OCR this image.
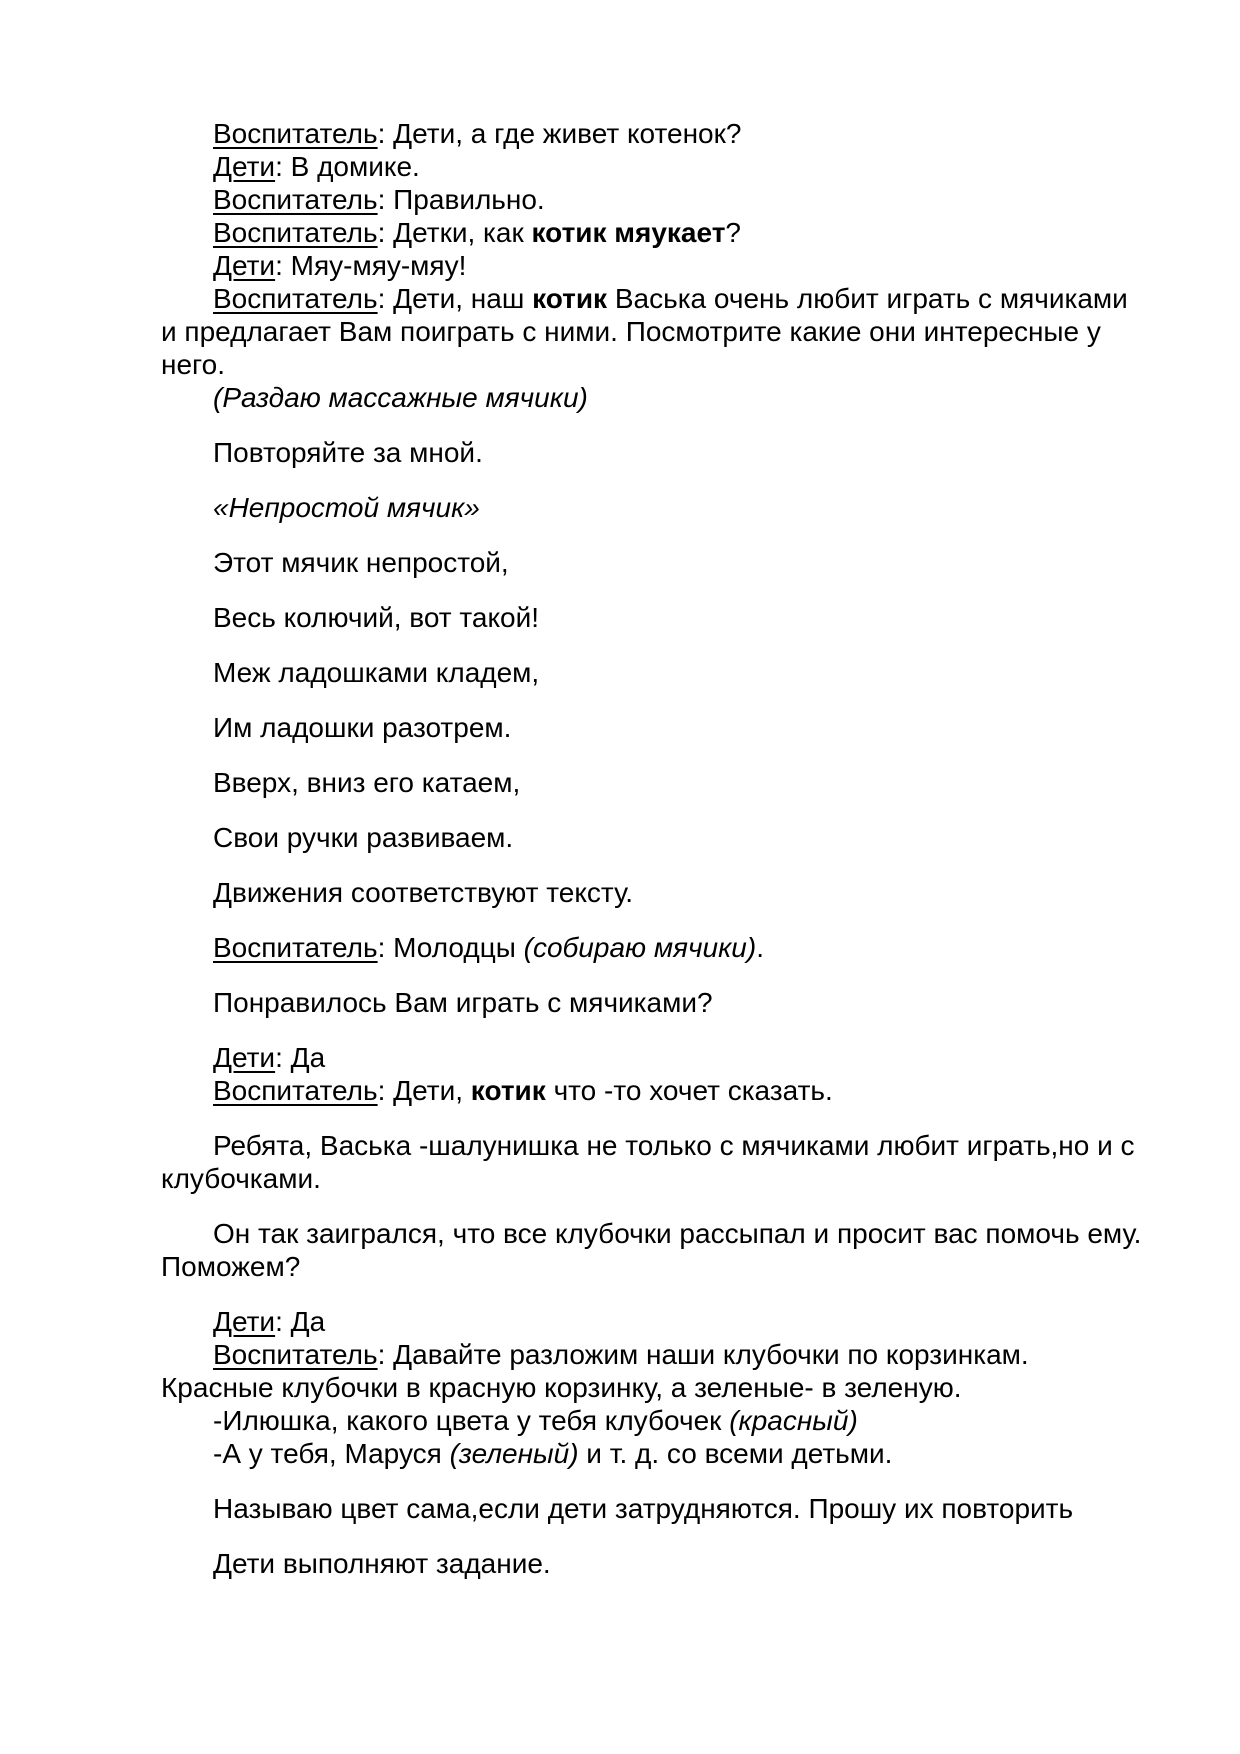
Воспитатель: Дети, а где живет котенок?

Дети: В домике.

Воспитатель: Правильно.

Воспитатель: Детки, как котик мяукает?

Дети: Мяу-мяу-мяу!

Воспитатель: Дети, наш котик Васька очень любит играть с мячиками

и предлагает Вам поиграть с ними. Посмотрите какие они интересные у

него.

(Раздаю массажные мячики)

Повторяйте за мной.

«Непростой мячик»

Этот мячик непростой,

Весь колючий, вот такой!

Меж ладошками кладем,

Им ладошки разотрем.

Вверх, вниз его катаем,

Свои ручки развиваем.

Движения соответствуют тексту.

Воспитатель: Молодцы (собираю мячики).

Понравилось Вам играть с мячиками?

Дети: Да

Воспитатель: Дети, котик что -то хочет сказать.

Ребята, Васька -шалунишка не только с мячиками любит играть,но и с

клубочками.

Он так заигрался, что все клубочки рассыпал и просит вас помочь ему.

Поможем?

Дети: Да

Воспитатель: Давайте разложим наши клубочки по корзинкам.

Красные клубочки в красную корзинку, а зеленые- в зеленую.

-Илюшка, какого цвета у тебя клубочек (красный)

-А у тебя, Маруся (зеленый) и т. д. со всеми детьми.

Называю цвет сама,если дети затрудняются. Прошу их повторить

Дети выполняют задание.
